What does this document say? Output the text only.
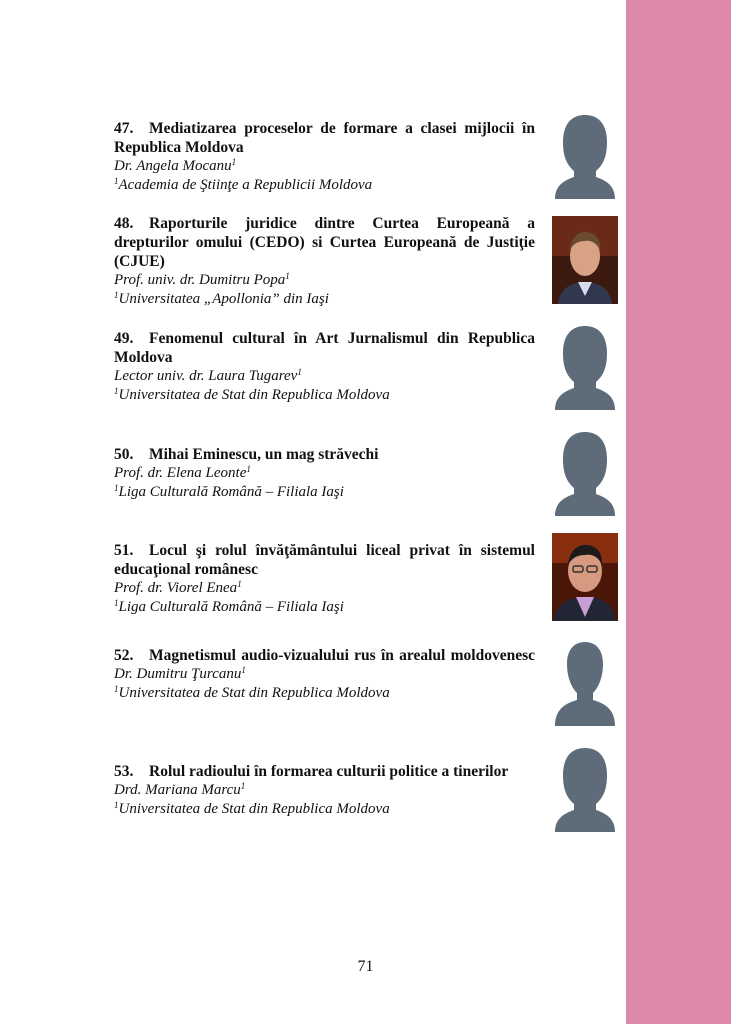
47. Mediatizarea proceselor de formare a clasei mijlocii în Republica Moldova

Dr. Angela Mocanu$^1$

$^1$Academia de Ştiinţe a Republicii Moldova

48. Raporturile juridice dintre Curtea Europeană a drepturilor omului (CEDO) si Curtea Europeană de Justiţie (CJUE)

Prof. univ. dr. Dumitru Popa$^1$

$^1$Universitatea „Apollonia” din Iaşi

49. Fenomenul cultural în Art Jurnalismul din Republica Moldova

Lector univ. dr. Laura Tugarev$^1$

$^1$Universitatea de Stat din Republica Moldova

50. Mihai Eminescu, un mag străvechi

Prof. dr. Elena Leonte$^1$

$^1$Liga Culturală Română – Filiala Iaşi

51. Locul şi rolul învăţământului liceal privat în sistemul educaţional românesc

Prof. dr. Viorel Enea$^1$

$^1$Liga Culturală Română – Filiala Iaşi

52. Magnetismul audio-vizualului rus în arealul moldovenesc

Dr. Dumitru Ţurcanu$^1$

$^1$Universitatea de Stat din Republica Moldova

53. Rolul radioului în formarea culturii politice a tinerilor

Drd. Mariana Marcu$^1$

$^1$Universitatea de Stat din Republica Moldova

71
